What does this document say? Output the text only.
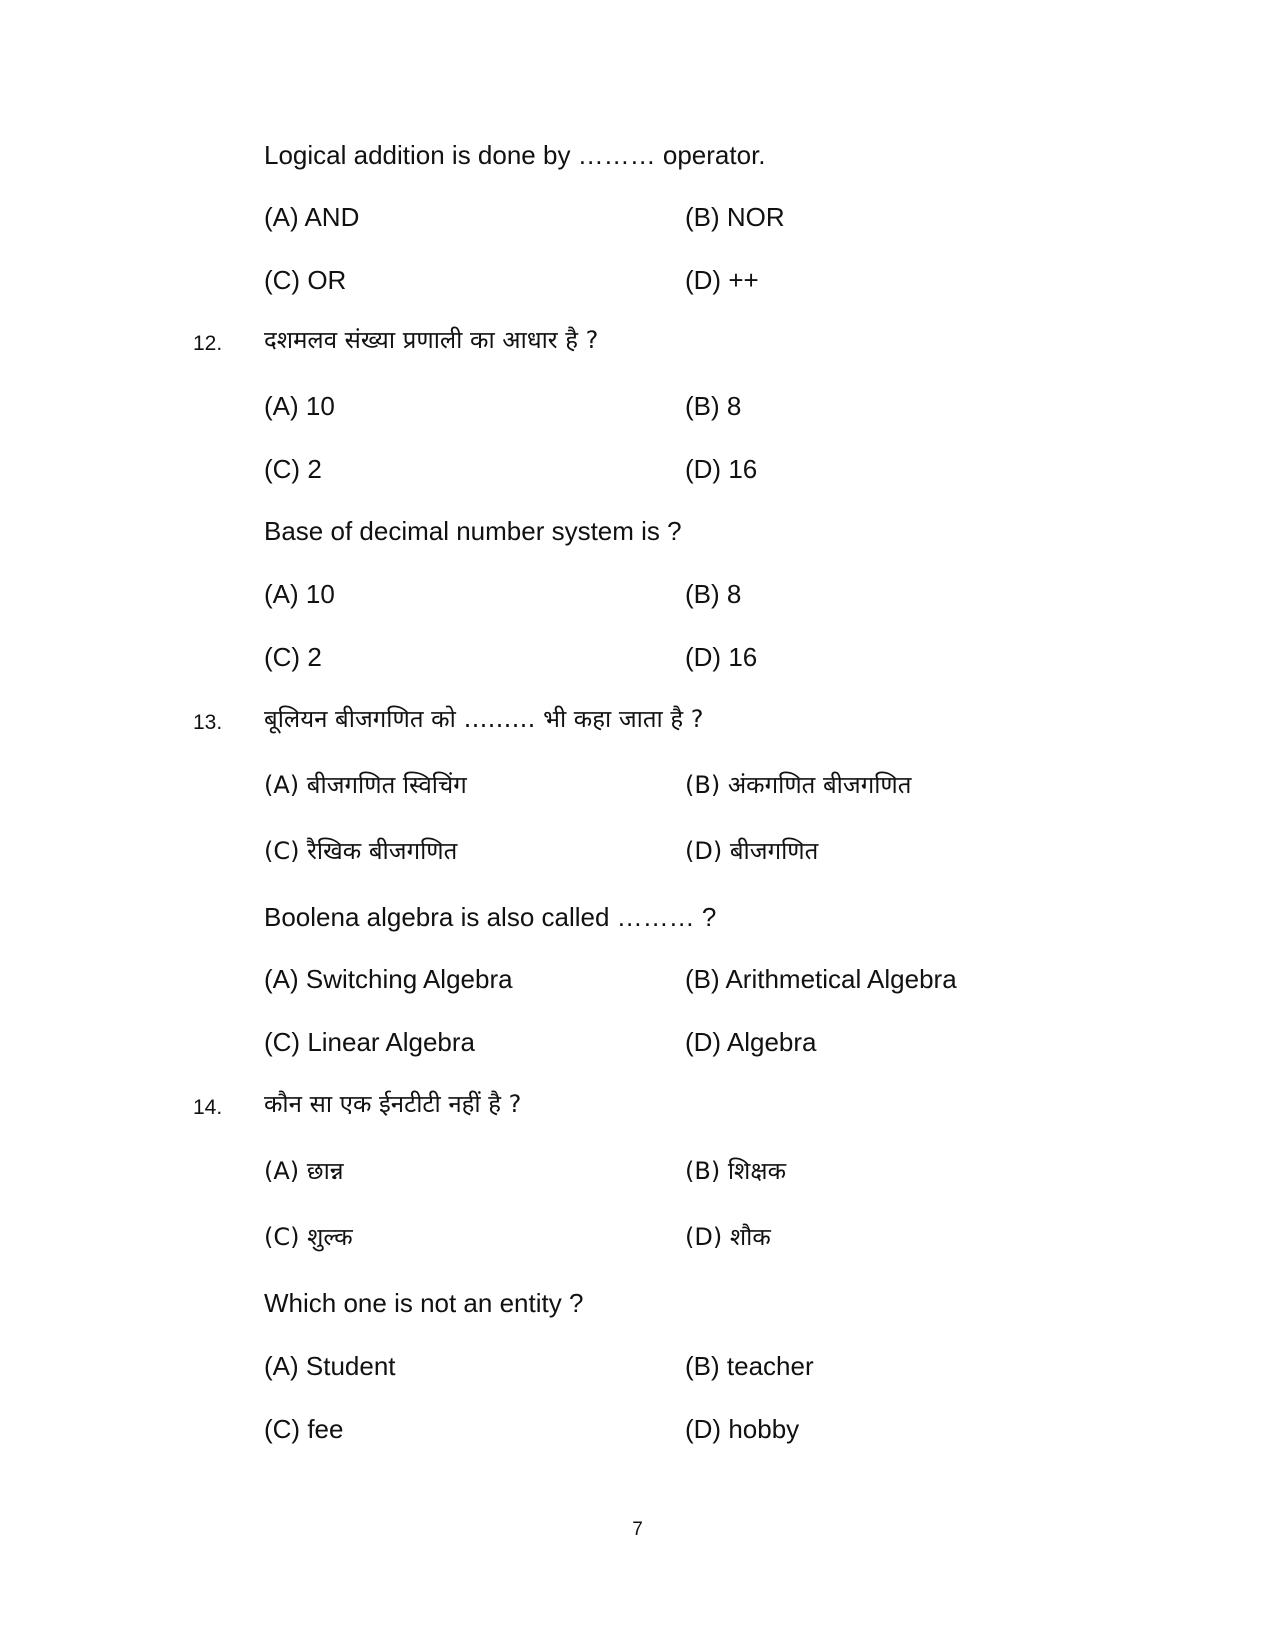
Logical addition is done by ……… operator.
(A) AND	(B) NOR
(C) OR	(D) ++
12. दशमलव संख्या प्रणाली का आधार है ?
(A) 10	(B) 8
(C) 2	(D) 16
Base of decimal number system is ?
(A) 10	(B) 8
(C) 2	(D) 16
13. बूलियन बीजगणित को ……… भी कहा जाता है ?
(A) बीजगणित स्विचिंग	(B) अंकगणित बीजगणित
(C) रैखिक बीजगणित	(D) बीजगणित
Boolena algebra is also called ……… ?
(A) Switching Algebra	(B) Arithmetical Algebra
(C) Linear Algebra	(D) Algebra
14. कौन सा एक ईनटीटी नहीं है ?
(A) छान्न	(B) शिक्षक
(C) शुल्क	(D) शौक
Which one is not an entity ?
(A) Student	(B) teacher
(C) fee	(D) hobby
7
